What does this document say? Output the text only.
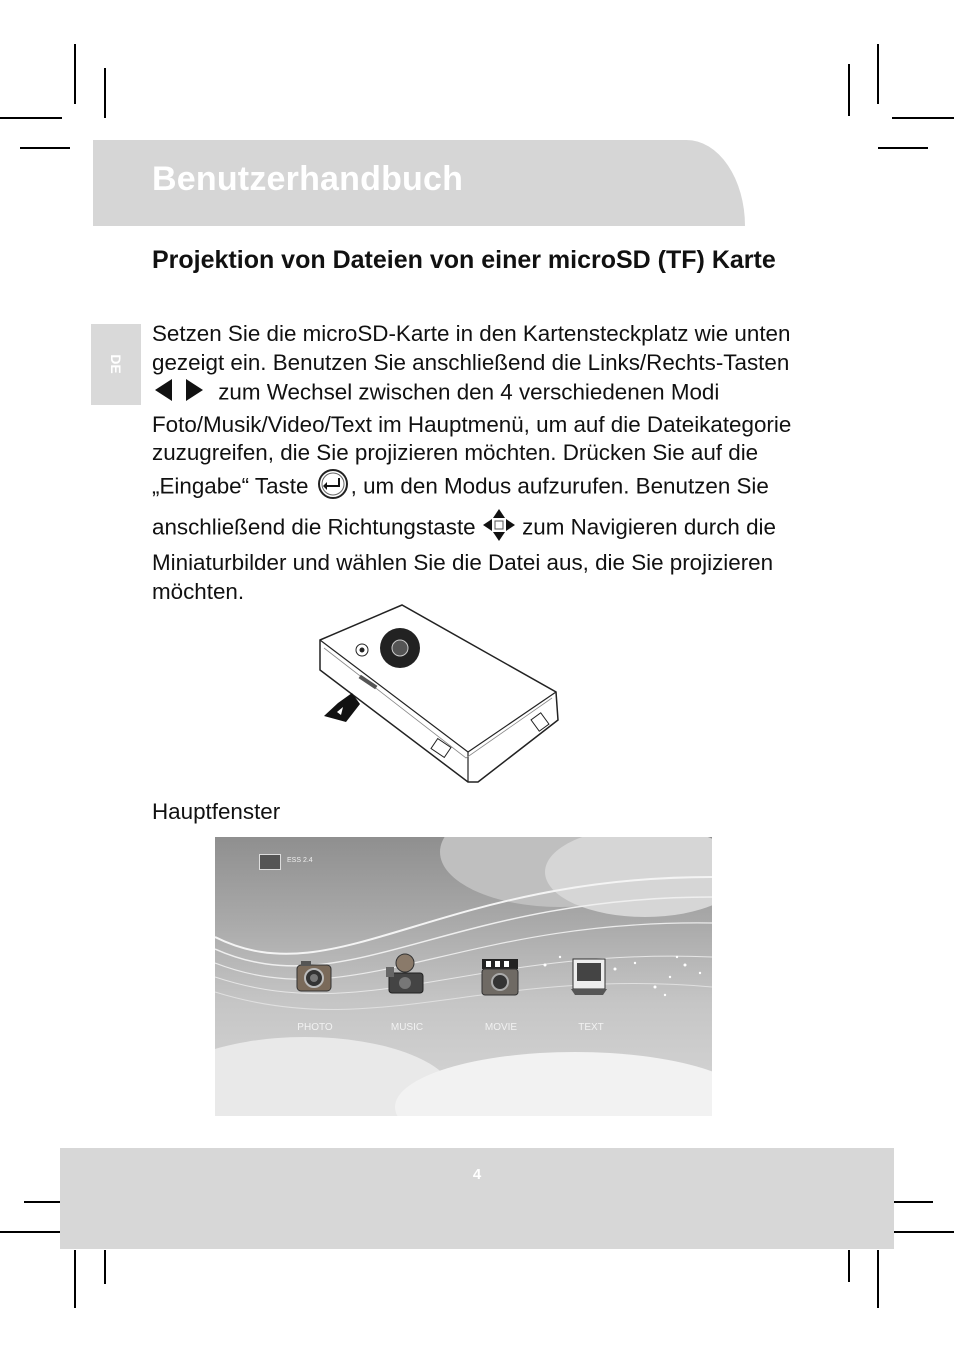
Benutzerhandbuch
DE
Projektion von Dateien von einer microSD (TF) Karte

Setzen Sie die microSD-Karte in den Kartensteckplatz wie unten gezeigt ein. Benutzen Sie anschließend die Links/Rechts-Tasten  zum Wechsel zwischen den 4 verschiedenen Modi Foto/Musik/Video/Text im Hauptmenü, um auf die Dateikategorie zuzugreifen, die Sie projizieren möchten. Drücken Sie auf die „Eingabe“ Taste , um den Modus aufzurufen. Benutzen Sie anschließend die Richtungstaste  zum Navigieren durch die Miniaturbilder und wählen Sie die Datei aus, die Sie projizieren möchten.

Hauptfenster
ESS 2.4
PHOTO	MUSIC	MOVIE	TEXT
4
